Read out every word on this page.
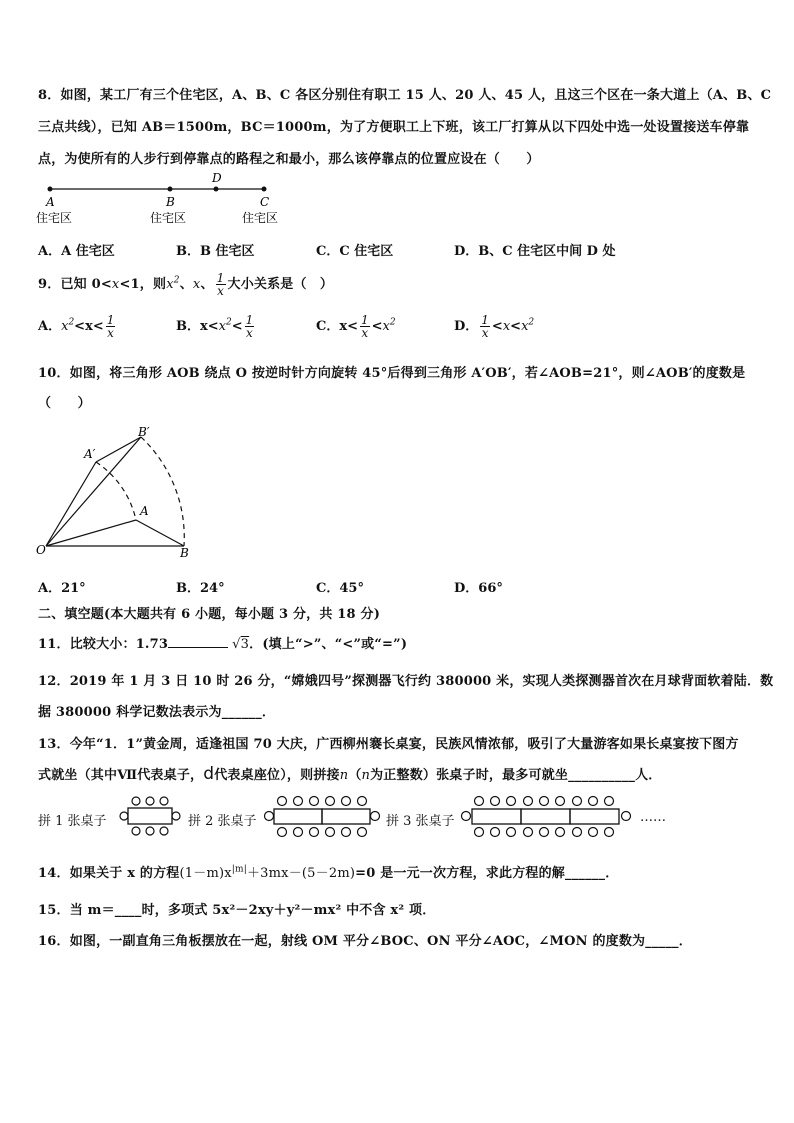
8．如图，某工厂有三个住宅区，A、B、C 各区分别住有职工 15 人、20 人、45 人，且这三个区在一条大道上（A、B、C
三点共线），已知 AB＝1500m，BC＝1000m，为了方便职工上下班，该工厂打算从以下四处中选一处设置接送车停靠
点，为使所有的人步行到停靠点的路程之和最小，那么该停靠点的位置应设在（　　）
A	B
D
C
住宅区	住宅区	住宅区
A．A 住宅区	B．B 住宅区	C．C 住宅区	D．B、C 住宅区中间 D 处
9．已知 0<x<1，则$x^2$、x、 $\frac{1}{x}$ 大小关系是（　）
A．$x^2<x< \frac{1}{x}$	B．$x<x^2< \frac{1}{x}$	C．$x< \frac{1}{x} <x^2$	D． $\frac{1}{x} <x<x^2$
10．如图，将三角形 AOB 绕点 O 按逆时针方向旋转 45°后得到三角形 A′OB′，若∠AOB=21°，则∠AOB′的度数是
（　　）
B′
A′
A
O	B
A．21°	B．24°	C．45°	D．66°
二、填空题(本大题共有 6 小题，每小题 3 分，共 18 分)
11．比较大小：1.73	√3．(填上“>”、“<”或“=”)
12．2019 年 1 月 3 日 10 时 26 分，“嫦娥四号”探测器飞行约 380000 米，实现人类探测器首次在月球背面软着陆．数
据 380000 科学记数法表示为______．
13．今年“1．1”黄金周，适逢祖国 70 大庆，广西柳州褰长桌宴，民族风情浓郁，吸引了大量游客如果长桌宴按下图方
式就坐（其中Ⅶ代表桌子，d代表桌座位），则拼接n（n为正整数）张桌子时，最多可就坐__________人．
拼 1 张桌子	拼 2 张桌子	拼 3 张桌子	……
14．如果关于 x 的方程$(1-m)x^{|m|}+3mx-(5-2m)=0$ 是一元一次方程，求此方程的解______．
15．当 m＝____时，多项式 5x²－2xy＋y²－mx² 中不含 x² 项．
16．如图，一副直角三角板摆放在一起，射线 OM 平分∠BOC、ON 平分∠AOC，∠MON 的度数为_____．
